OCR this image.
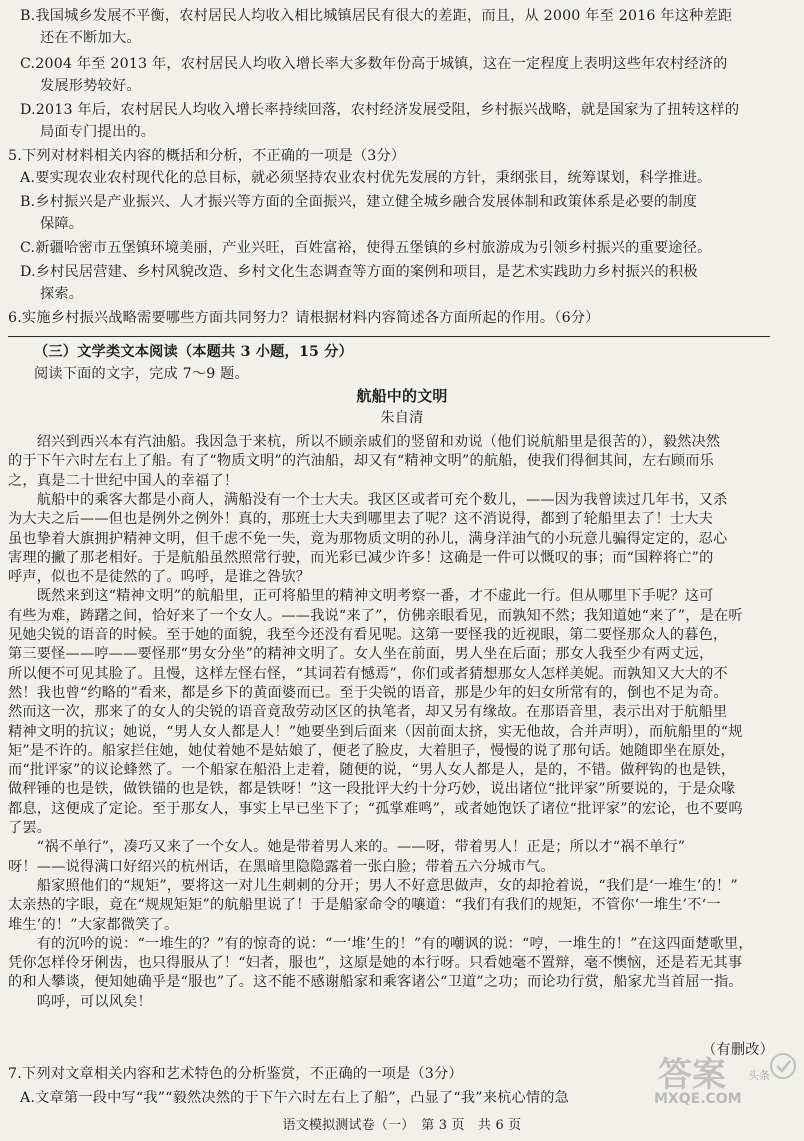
B.我国城乡发展不平衡，农村居民人均收入相比城镇居民有很大的差距，而且，从 2000 年至 2016 年这种差距
还在不断加大。
C.2004 年至 2013 年，农村居民人均收入增长率大多数年份高于城镇，这在一定程度上表明这些年农村经济的
发展形势较好。
D.2013 年后，农村居民人均收入增长率持续回落，农村经济发展受阻，乡村振兴战略，就是国家为了扭转这样的
局面专门提出的。
5.下列对材料相关内容的概括和分析，不正确的一项是（3分）
A.要实现农业农村现代化的总目标，就必须坚持农业农村优先发展的方针，秉纲张目，统筹谋划，科学推进。
B.乡村振兴是产业振兴、人才振兴等方面的全面振兴，建立健全城乡融合发展体制和政策体系是必要的制度
保障。
C.新疆哈密市五堡镇环境美丽，产业兴旺，百姓富裕，使得五堡镇的乡村旅游成为引领乡村振兴的重要途径。
D.乡村民居营建、乡村风貌改造、乡村文化生态调查等方面的案例和项目，是艺术实践助力乡村振兴的积极
探索。
6.实施乡村振兴战略需要哪些方面共同努力？请根据材料内容简述各方面所起的作用。（6分）
（三）文学类文本阅读（本题共 3 小题，15 分）
阅读下面的文字，完成 7～9 题。
航船中的文明
朱自清
　　绍兴到西兴本有汽油船。我因急于来杭，所以不顾亲戚们的竖留和劝说（他们说航船里是很苦的），毅然决然
的于下午六时左右上了船。有了“物质文明”的汽油船，却又有“精神文明”的航船，使我们得徊其间，左右顾而乐
之，真是二十世纪中国人的幸福了！
　　航船中的乘客大都是小商人，满船没有一个士大夫。我区区或者可充个数儿，——因为我曾读过几年书，又杀
为大夫之后——但也是例外之例外！真的，那班士大夫到哪里去了呢？这不消说得，都到了轮船里去了！士大夫
虽也挚着大旗拥护精神文明，但千虑不免一失，竟为那物质文明的孙儿，满身洋油气的小玩意儿骗得定定的，忍心
害理的撇了那老相好。于是航船虽然照常行驶，而光彩已减少许多！这确是一件可以慨叹的事；而“国粹将亡”的
呼声，似也不是徒然的了。呜呼，是谁之咎欤？
　　既然来到这“精神文明”的航船里，正可将船里的精神文明考察一番，才不虚此一行。但从哪里下手呢？这可
有些为难，踌躇之间，恰好来了一个女人。——我说“来了”，仿佛亲眼看见，而孰知不然；我知道她“来了”，是在听
见她尖锐的语音的时候。至于她的面貌，我至今还没有看见呢。这第一要怪我的近视眼，第二要怪那众人的暮色，
第三要怪——哼——要怪那“男女分坐”的精神文明了。女人坐在前面，男人坐在后面；那女人我至少有两丈远，
所以便不可见其脸了。且慢，这样左怪右怪，“其词若有憾焉”，你们或者猜想那女人怎样美妮。而孰知又大大的不
然！我也曾“约略的”看来，都是乡下的黄面婆而已。至于尖锐的语音，那是少年的妇女所常有的，倒也不足为奇。
然而这一次，那来了的女人的尖锐的语音竟敌劳动区区的执笔者，却又另有缘故。在那语音里，表示出对于航船里
精神文明的抗议；她说，“男人女人都是人！”她要坐到后面来（因前面太挤，实无他故，合并声明），而航船里的“规
矩”是不许的。船家拦住她，她仗着她不是姑娘了，便老了脸皮，大着胆子，慢慢的说了那句话。她随即坐在原处，
而“批评家”的议论蜂然了。一个船家在船沿上走着，随便的说，“男人女人都是人，是的，不错。做秤钩的也是铁，
做秤锤的也是铁，做铁锚的也是铁，都是铁呀！”这一段批评大约十分巧妙，说出诸位“批评家”所要说的，于是众喙
都息，这便成了定论。至于那女人，事实上早已坐下了；“孤掌难鸣”，或者她饱饫了诸位“批评家”的宏论，也不要呜
了罢。
　　“祸不单行”，凑巧又来了一个女人。她是带着男人来的。——呀，带着男人！正是；所以才“祸不单行”
呀！——说得满口好绍兴的杭州话，在黑暗里隐隐露着一张白脸；带着五六分城市气。
　　船家照他们的“规矩”，要将这一对儿生刺刺的分开；男人不好意思做声，女的却抢着说，“我们是‘一堆生’的！”
太亲热的字眼，竟在“规规矩矩”的航船里说了！于是船家命令的嚷道：“我们有我们的规矩，不管你‘一堆生’不‘一
堆生’的！”大家都微笑了。
　　有的沉吟的说：“一堆生的？”有的惊奇的说：“一‘堆’生的！”有的嘲讽的说：“哼，一堆生的！”在这四面楚歌里，
凭你怎样伶牙俐齿，也只得服从了！“妇者，服也”，这原是她的本行呀。只看她毫不置辩，毫不懊恼，还是若无其事
的和人攀谈，便知她确乎是“服也”了。这不能不感谢船家和乘客诸公“卫道”之功；而论功行赏，船家尤当首屈一指。
　　呜呼，可以风矣！
（有删改）
7.下列对文章相关内容和艺术特色的分析鉴赏，不正确的一项是（3分）
A.文章第一段中写“我”“毅然决然的于下午六时左右上了船”，凸显了“我”来杭心情的急
语文模拟测试卷（一）　第 3 页　共 6 页
答案
MXQE.COM
头条
